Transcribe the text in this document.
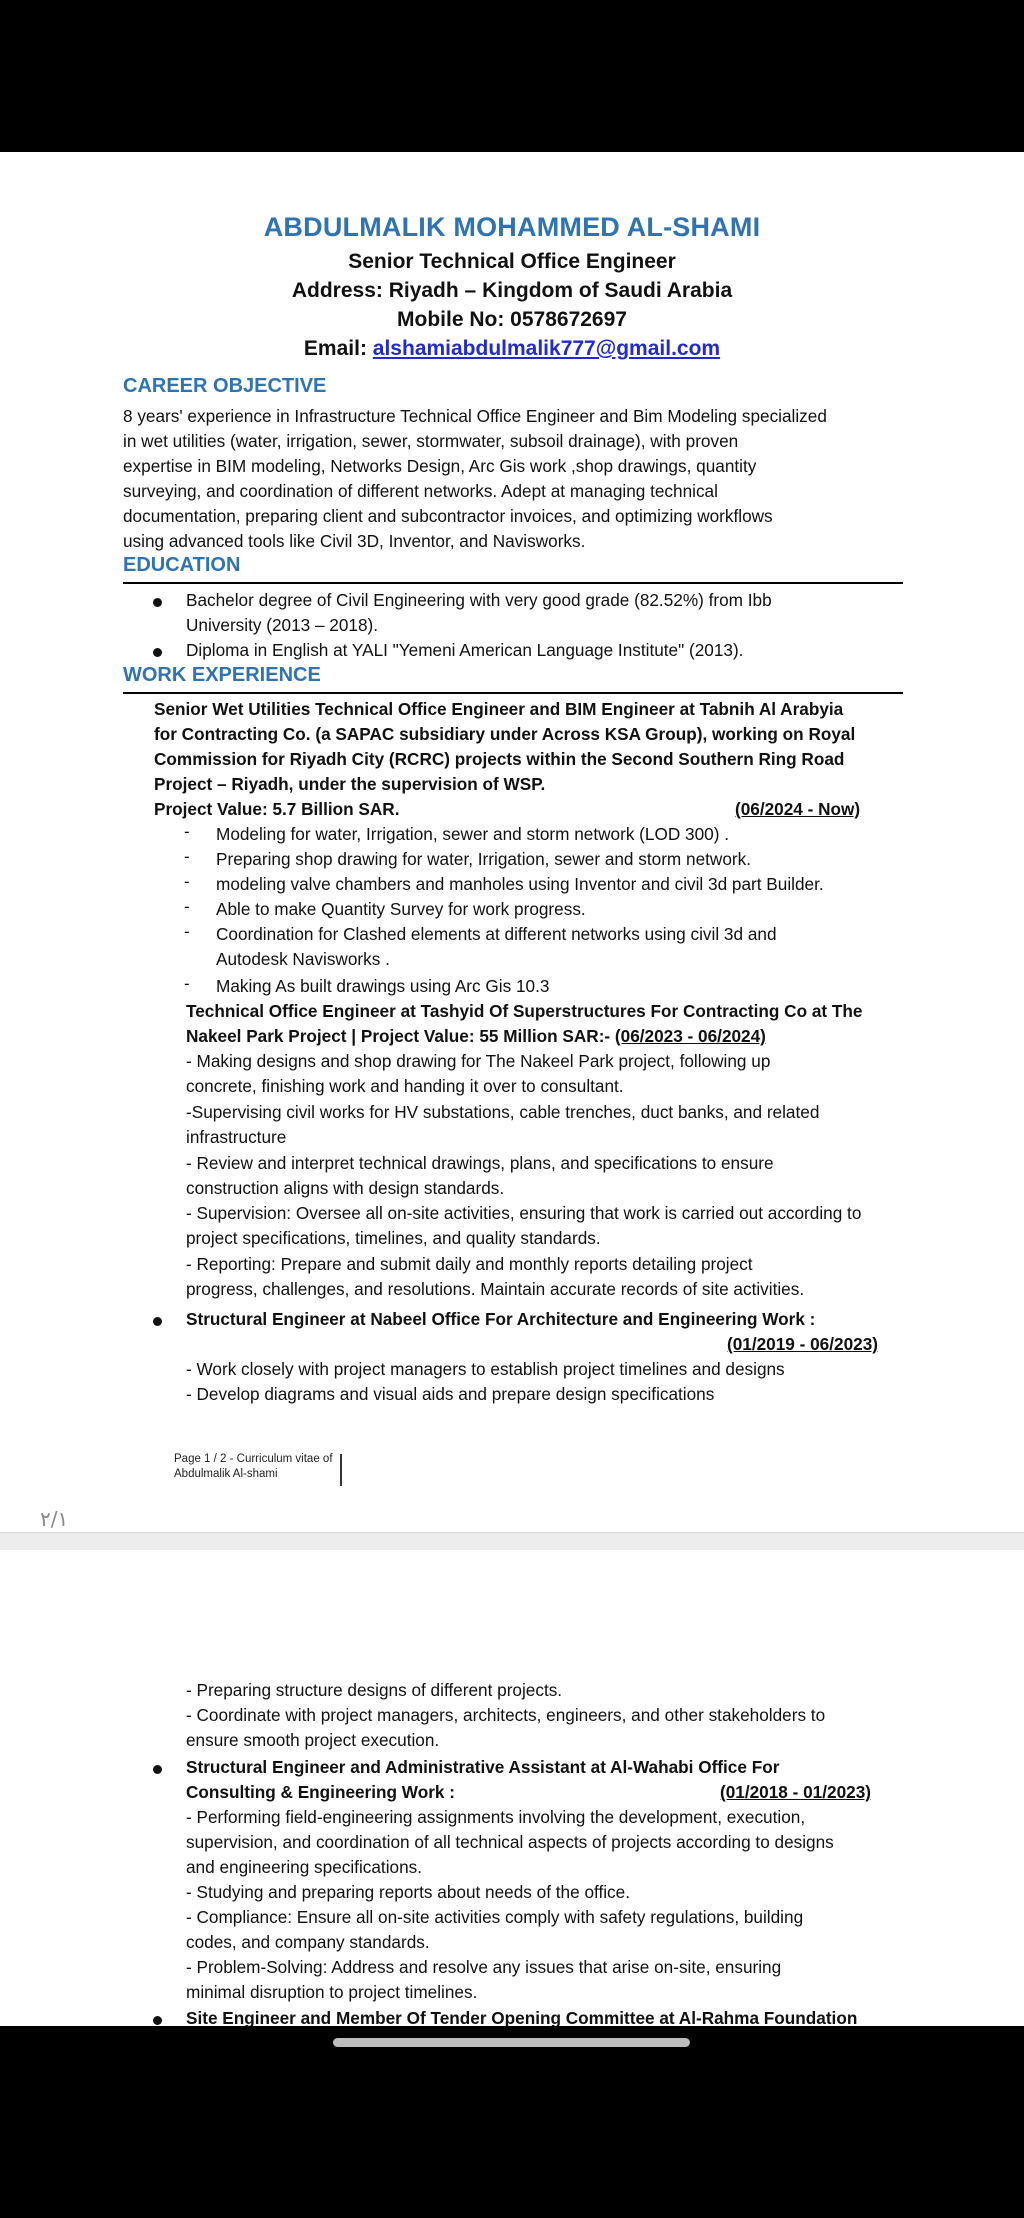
ABDULMALIK MOHAMMED AL-SHAMI
Senior Technical Office Engineer
Address: Riyadh – Kingdom of Saudi Arabia
Mobile No: 0578672697
Email: alshamiabdulmalik777@gmail.com
CAREER OBJECTIVE
8 years' experience in Infrastructure Technical Office Engineer and Bim Modeling specialized
in wet utilities (water, irrigation, sewer, stormwater, subsoil drainage), with proven
expertise in BIM modeling, Networks Design, Arc Gis work ,shop drawings, quantity
surveying, and coordination of different networks. Adept at managing technical
documentation, preparing client and subcontractor invoices, and optimizing workflows
using advanced tools like Civil 3D, Inventor, and Navisworks.
EDUCATION
Bachelor degree of Civil Engineering with very good grade (82.52%) from Ibb
University (2013 – 2018).
Diploma in English at YALI "Yemeni American Language Institute" (2013).
WORK EXPERIENCE
Senior Wet Utilities Technical Office Engineer and BIM Engineer at Tabnih Al Arabyia
for Contracting Co. (a SAPAC subsidiary under Across KSA Group), working on Royal
Commission for Riyadh City (RCRC) projects within the Second Southern Ring Road
Project – Riyadh, under the supervision of WSP.
Project Value: 5.7 Billion SAR.	(06/2024 - Now)
- Modeling for water, Irrigation, sewer and storm network (LOD 300) .
- Preparing shop drawing for water, Irrigation, sewer and storm network.
- modeling valve chambers and manholes using Inventor and civil 3d part Builder.
- Able to make Quantity Survey for work progress.
- Coordination for Clashed elements at different networks using civil 3d and
Autodesk Navisworks .
- Making As built drawings using Arc Gis 10.3
Technical Office Engineer at Tashyid Of Superstructures For Contracting Co at The
Nakeel Park Project | Project Value: 55 Million SAR:- (06/2023 - 06/2024)
- Making designs and shop drawing for The Nakeel Park project, following up
concrete, finishing work and handing it over to consultant.
-Supervising civil works for HV substations, cable trenches, duct banks, and related
infrastructure
- Review and interpret technical drawings, plans, and specifications to ensure
construction aligns with design standards.
- Supervision: Oversee all on-site activities, ensuring that work is carried out according to
project specifications, timelines, and quality standards.
- Reporting: Prepare and submit daily and monthly reports detailing project
progress, challenges, and resolutions. Maintain accurate records of site activities.
Structural Engineer at Nabeel Office For Architecture and Engineering Work :
(01/2019 - 06/2023)
- Work closely with project managers to establish project timelines and designs
- Develop diagrams and visual aids and prepare design specifications
Page 1 / 2 - Curriculum vitae of
Abdulmalik Al-shami
٢/١
- Preparing structure designs of different projects.
- Coordinate with project managers, architects, engineers, and other stakeholders to
ensure smooth project execution.
Structural Engineer and Administrative Assistant at Al-Wahabi Office For
Consulting & Engineering Work :	(01/2018 - 01/2023)
- Performing field-engineering assignments involving the development, execution,
supervision, and coordination of all technical aspects of projects according to designs
and engineering specifications.
- Studying and preparing reports about needs of the office.
- Compliance: Ensure all on-site activities comply with safety regulations, building
codes, and company standards.
- Problem-Solving: Address and resolve any issues that arise on-site, ensuring
minimal disruption to project timelines.
Site Engineer and Member Of Tender Opening Committee at Al-Rahma Foundation
